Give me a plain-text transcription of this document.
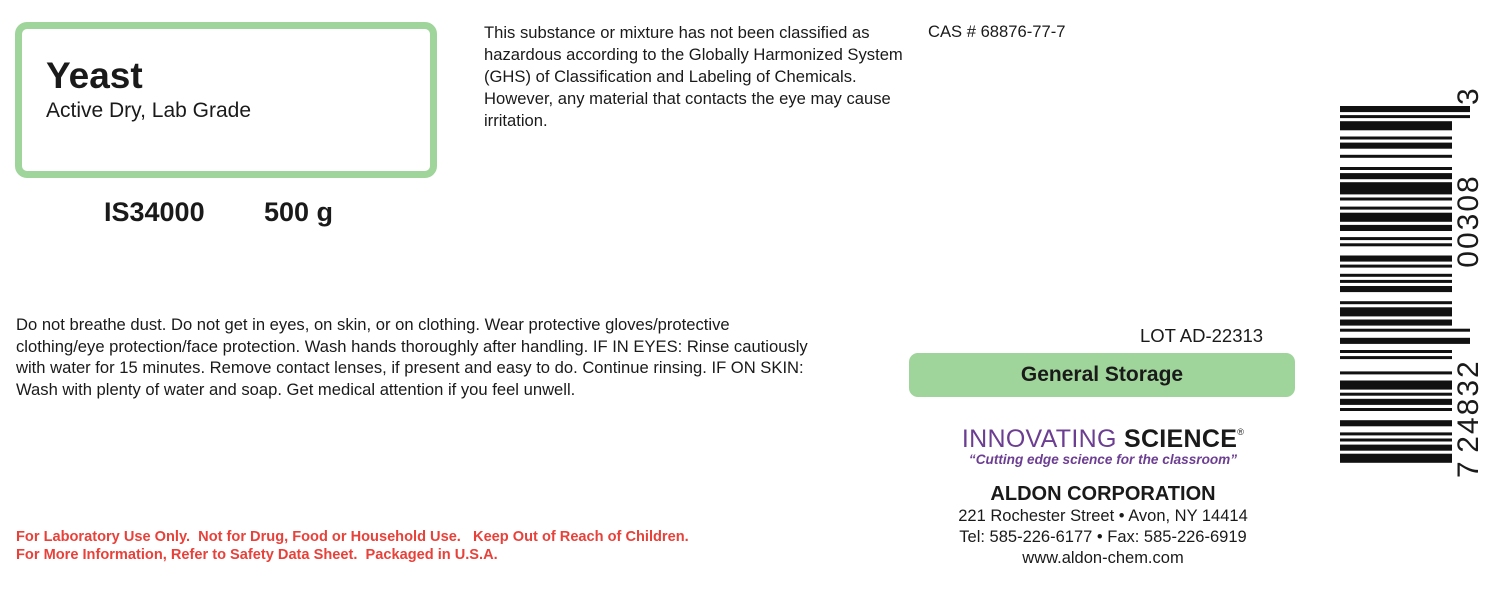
Yeast
Active Dry, Lab Grade
IS34000 500 g
This substance or mixture has not been classified as hazardous according to the Globally Harmonized System (GHS) of Classification and Labeling of Chemicals. However, any material that contacts the eye may cause irritation.
CAS # 68876-77-7
Do not breathe dust. Do not get in eyes, on skin, or on clothing. Wear protective gloves/protective clothing/eye protection/face protection. Wash hands thoroughly after handling. IF IN EYES: Rinse cautiously with water for 15 minutes. Remove contact lenses, if present and easy to do. Continue rinsing. IF ON SKIN: Wash with plenty of water and soap. Get medical attention if you feel unwell.
For Laboratory Use Only.  Not for Drug, Food or Household Use.   Keep Out of Reach of Children.
For More Information, Refer to Safety Data Sheet.  Packaged in U.S.A.
LOT AD-22313
General Storage
INNOVATING SCIENCE®
“Cutting edge science for the classroom”
ALDON CORPORATION
221 Rochester Street • Avon, NY 14414
Tel: 585-226-6177 • Fax: 585-226-6919
www.aldon-chem.com
7
24832
00308
3
